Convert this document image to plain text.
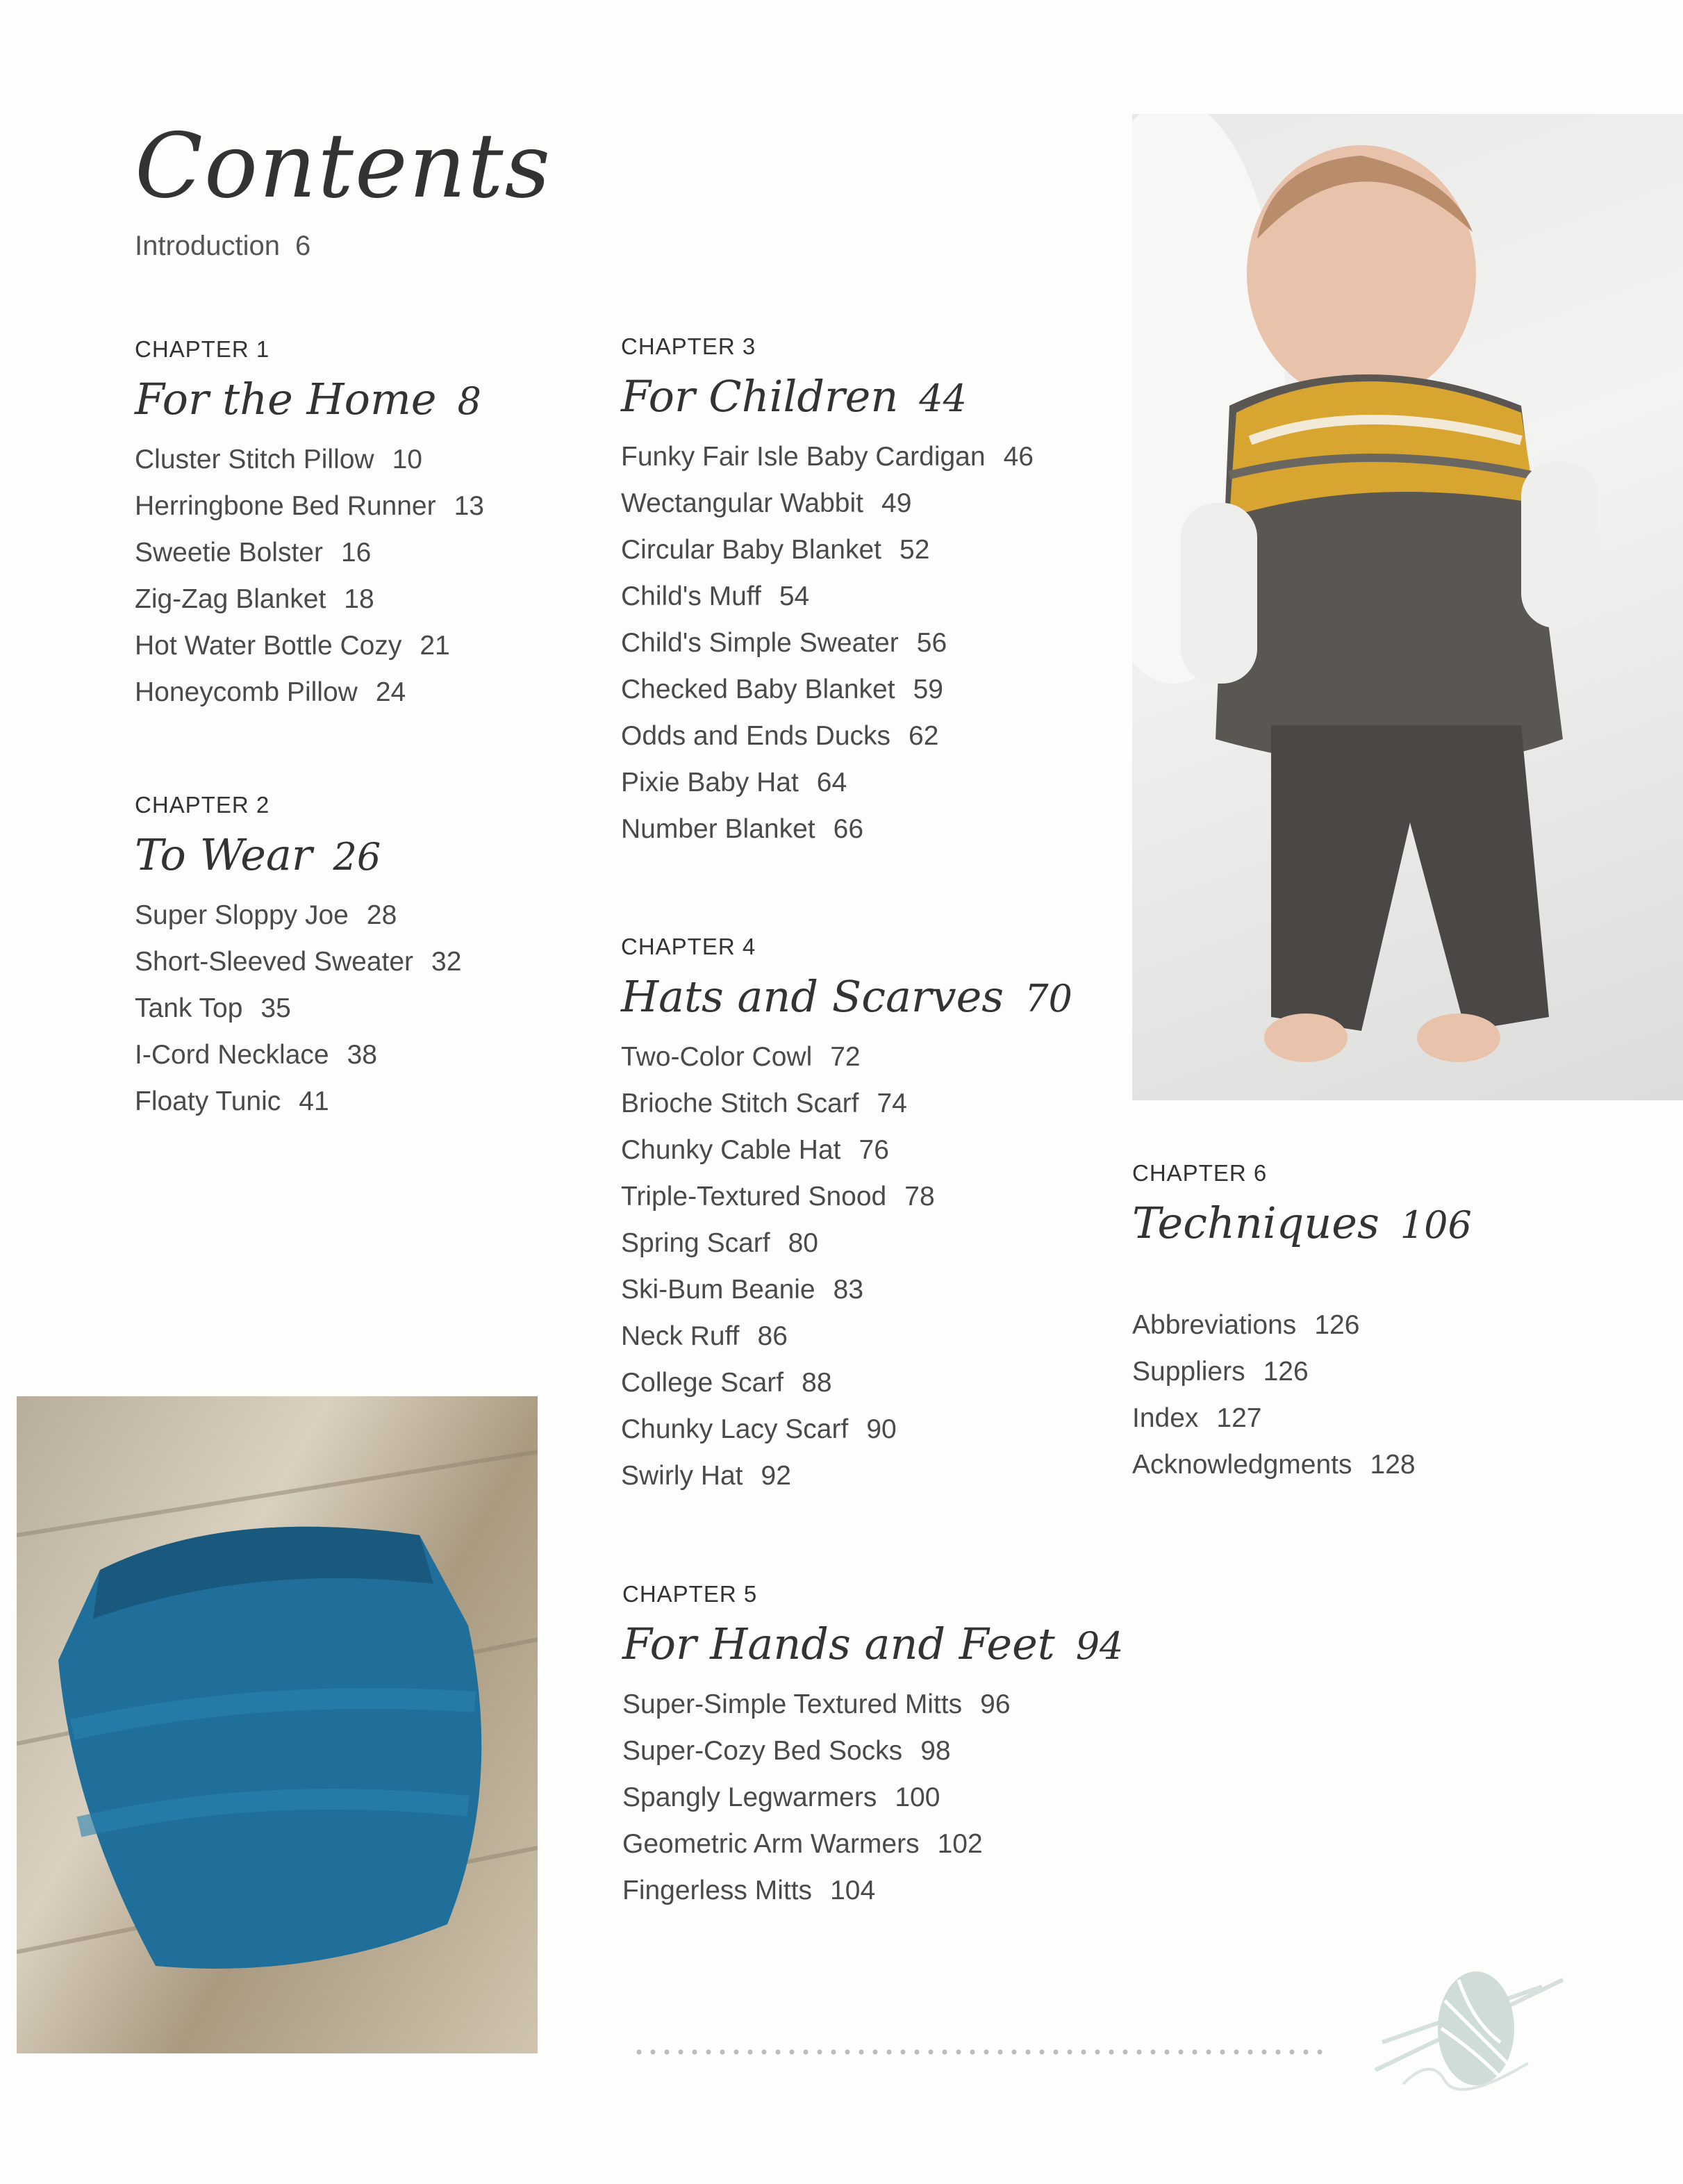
Contents
Introduction 6
CHAPTER 1
For the Home 8
Cluster Stitch Pillow 10
Herringbone Bed Runner 13
Sweetie Bolster 16
Zig-Zag Blanket 18
Hot Water Bottle Cozy 21
Honeycomb Pillow 24
CHAPTER 2
To Wear 26
Super Sloppy Joe 28
Short-Sleeved Sweater 32
Tank Top 35
I-Cord Necklace 38
Floaty Tunic 41
CHAPTER 3
For Children 44
Funky Fair Isle Baby Cardigan 46
Wectangular Wabbit 49
Circular Baby Blanket 52
Child's Muff 54
Child's Simple Sweater 56
Checked Baby Blanket 59
Odds and Ends Ducks 62
Pixie Baby Hat 64
Number Blanket 66
CHAPTER 4
Hats and Scarves 70
Two-Color Cowl 72
Brioche Stitch Scarf 74
Chunky Cable Hat 76
Triple-Textured Snood 78
Spring Scarf 80
Ski-Bum Beanie 83
Neck Ruff 86
College Scarf 88
Chunky Lacy Scarf 90
Swirly Hat 92
CHAPTER 5
For Hands and Feet 94
Super-Simple Textured Mitts 96
Super-Cozy Bed Socks 98
Spangly Legwarmers 100
Geometric Arm Warmers 102
Fingerless Mitts 104
CHAPTER 6
Techniques 106
Abbreviations 126
Suppliers 126
Index 127
Acknowledgments 128
